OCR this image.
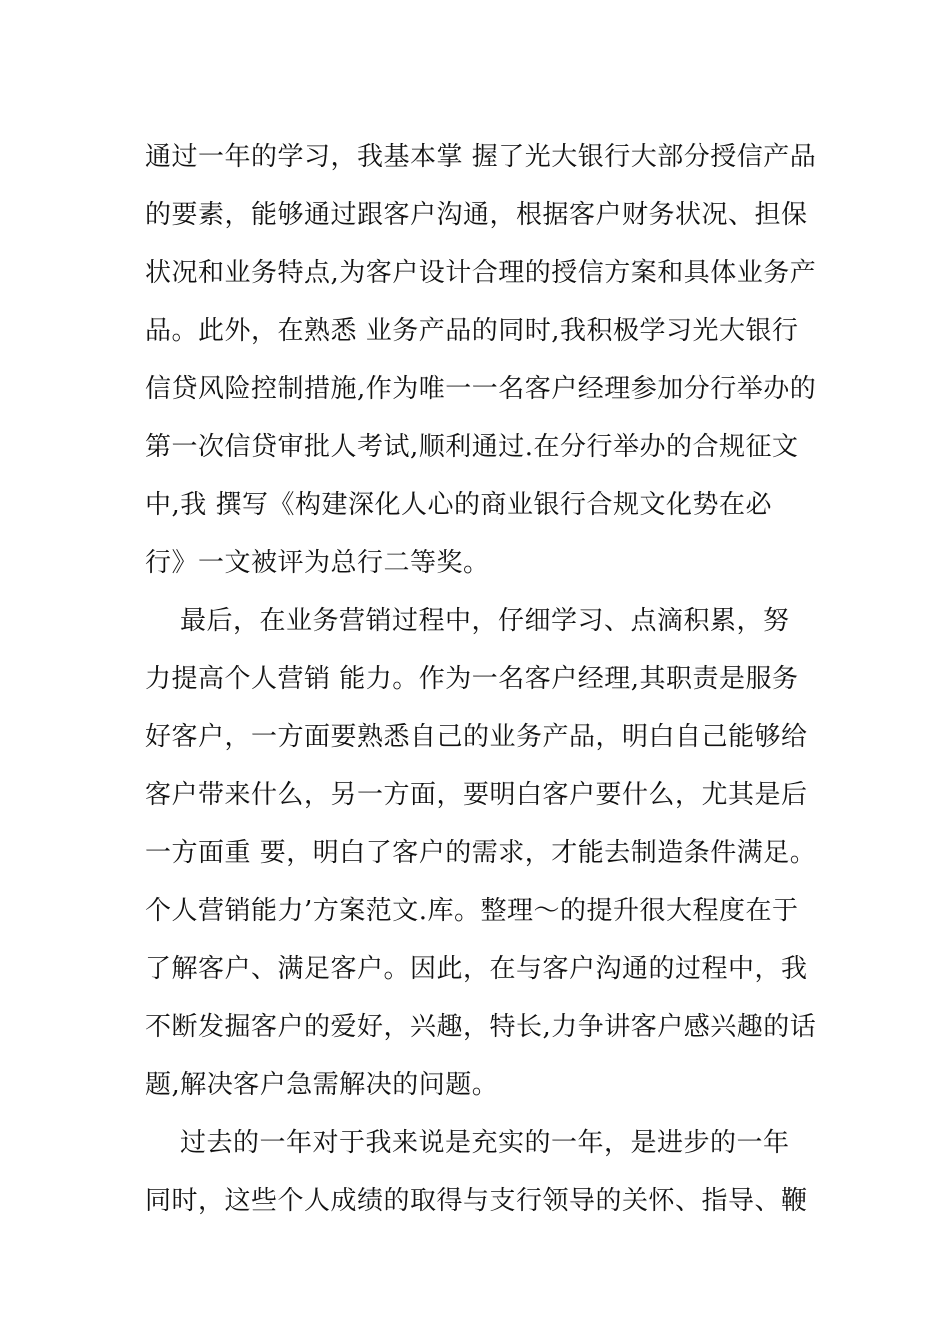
通过一年的学习，我基本掌 握了光大银行大部分授信产品
的要素，能够通过跟客户沟通，根据客户财务状况、担保
状况和业务特点,为客户设计合理的授信方案和具体业务产
品。此外，在熟悉 业务产品的同时,我积极学习光大银行
信贷风险控制措施,作为唯一一名客户经理参加分行举办的
第一次信贷审批人考试,顺利通过.在分行举办的合规征文
中,我 撰写《构建深化人心的商业银行合规文化势在必
行》一文被评为总行二等奖。
最后，在业务营销过程中，仔细学习、点滴积累，努
力提高个人营销 能力。作为一名客户经理,其职责是服务
好客户，一方面要熟悉自己的业务产品，明白自己能够给
客户带来什么，另一方面，要明白客户要什么，尤其是后
一方面重 要，明白了客户的需求，才能去制造条件满足。
个人营销能力’方案范文.库。整理～的提升很大程度在于
了解客户、满足客户。因此，在与客户沟通的过程中，我
不断发掘客户的爱好，兴趣，特长,力争讲客户感兴趣的话
题,解决客户急需解决的问题。
过去的一年对于我来说是充实的一年，是进步的一年
同时，这些个人成绩的取得与支行领导的关怀、指导、鞭
